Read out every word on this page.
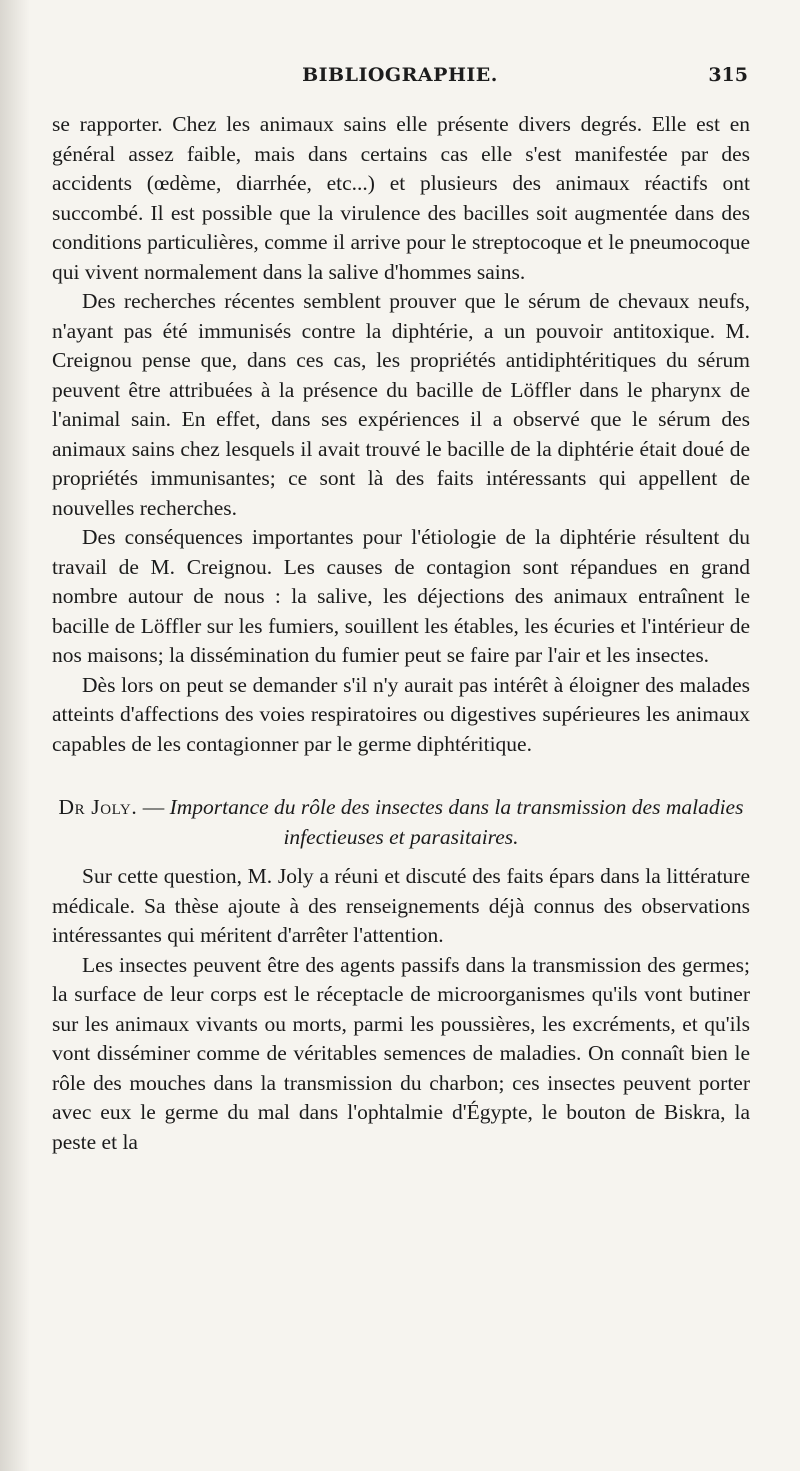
BIBLIOGRAPHIE.	315

se rapporter. Chez les animaux sains elle présente divers degrés. Elle est en général assez faible, mais dans certains cas elle s'est manifestée par des accidents (œdème, diarrhée, etc...) et plusieurs des animaux réactifs ont succombé. Il est possible que la virulence des bacilles soit augmentée dans des conditions particulières, comme il arrive pour le streptocoque et le pneumocoque qui vivent normalement dans la salive d'hommes sains.

Des recherches récentes semblent prouver que le sérum de chevaux neufs, n'ayant pas été immunisés contre la diphtérie, a un pouvoir antitoxique. M. Creignou pense que, dans ces cas, les propriétés antidiphtéritiques du sérum peuvent être attribuées à la présence du bacille de Löffler dans le pharynx de l'animal sain. En effet, dans ses expériences il a observé que le sérum des animaux sains chez lesquels il avait trouvé le bacille de la diphtérie était doué de propriétés immunisantes; ce sont là des faits intéressants qui appellent de nouvelles recherches.

Des conséquences importantes pour l'étiologie de la diphtérie résultent du travail de M. Creignou. Les causes de contagion sont répandues en grand nombre autour de nous : la salive, les déjections des animaux entraînent le bacille de Löffler sur les fumiers, souillent les étables, les écuries et l'intérieur de nos maisons; la dissémination du fumier peut se faire par l'air et les insectes.

Dès lors on peut se demander s'il n'y aurait pas intérêt à éloigner des malades atteints d'affections des voies respiratoires ou digestives supérieures les animaux capables de les contagionner par le germe diphtéritique.

Dr Joly. — Importance du rôle des insectes dans la transmission des maladies infectieuses et parasitaires.

Sur cette question, M. Joly a réuni et discuté des faits épars dans la littérature médicale. Sa thèse ajoute à des renseignements déjà connus des observations intéressantes qui méritent d'arrêter l'attention.

Les insectes peuvent être des agents passifs dans la transmission des germes; la surface de leur corps est le réceptacle de microorganismes qu'ils vont butiner sur les animaux vivants ou morts, parmi les poussières, les excréments, et qu'ils vont disséminer comme de véritables semences de maladies. On connaît bien le rôle des mouches dans la transmission du charbon; ces insectes peuvent porter avec eux le germe du mal dans l'ophtalmie d'Égypte, le bouton de Biskra, la peste et la
